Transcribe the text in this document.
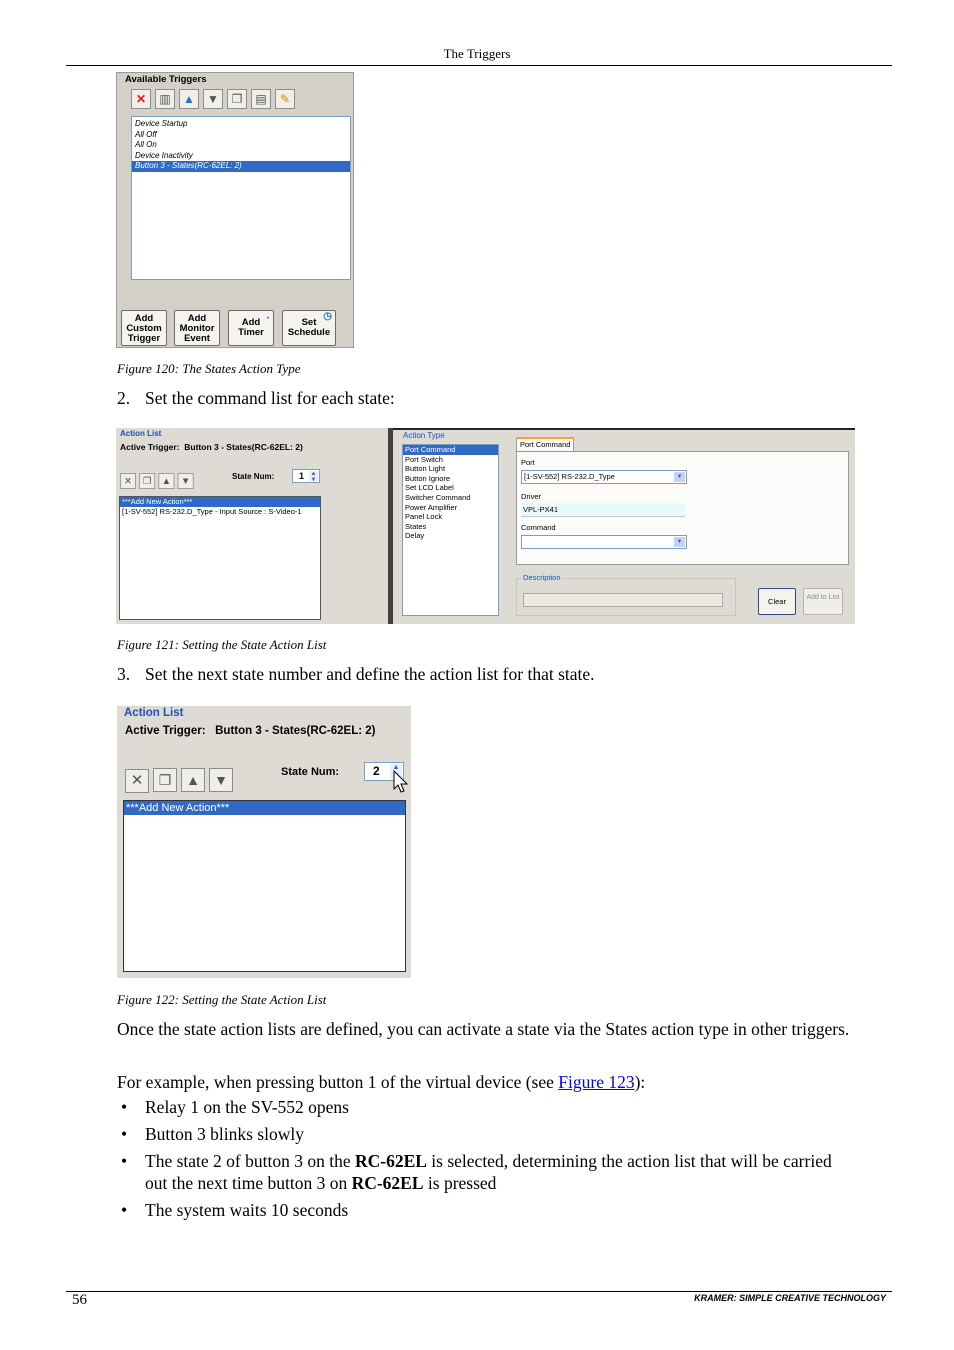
The Triggers
Available Triggers
✕ ▥ ▲ ▼ ❐ ▤ ✎
Device Startup
All Off
All On
Device Inactivity
Button 3 - States(RC-62EL: 2)
Add
Custom
Trigger
Add
Monitor
Event
Add
Timer
◔	Set
Schedule
◷
Figure 120: The States Action Type
2. Set the command list for each state:
Action List
Active Trigger: Button 3 - States(RC-62EL: 2)
State Num:	1 ▲
▼
✕ ❐ ▲ ▼
***Add New Action***
[1-SV-552] RS-232.D_Type - Input Source : S-Video-1
Action Type
Port Command
Port Switch
Button Light
Button Ignore
Set LCD Label
Switcher Command
Power Amplifier
Panel Lock
States
Delay
Port Command
Port
[1-SV-552] RS-232.D_Type	▼
Driver
VPL-PX41
Command
▼
Description
Clear	Add to List
Figure 121: Setting the State Action List
3. Set the next state number and define the action list for that state.
Action List
Active Trigger: Button 3 - States(RC-62EL: 2)
✕ ❐ ▲ ▼	State Num:	2	▲

***Add New Action***
Figure 122: Setting the State Action List
Once the state action lists are defined, you can activate a state via the States action type in other triggers.
For example, when pressing button 1 of the virtual device (see Figure 123):
• Relay 1 on the SV-552 opens
• Button 3 blinks slowly
• The state 2 of button 3 on the RC-62EL is selected, determining the action list that will be carried out the next time button 3 on RC-62EL is pressed
• The system waits 10 seconds
56	KRAMER: SIMPLE CREATIVE TECHNOLOGY
